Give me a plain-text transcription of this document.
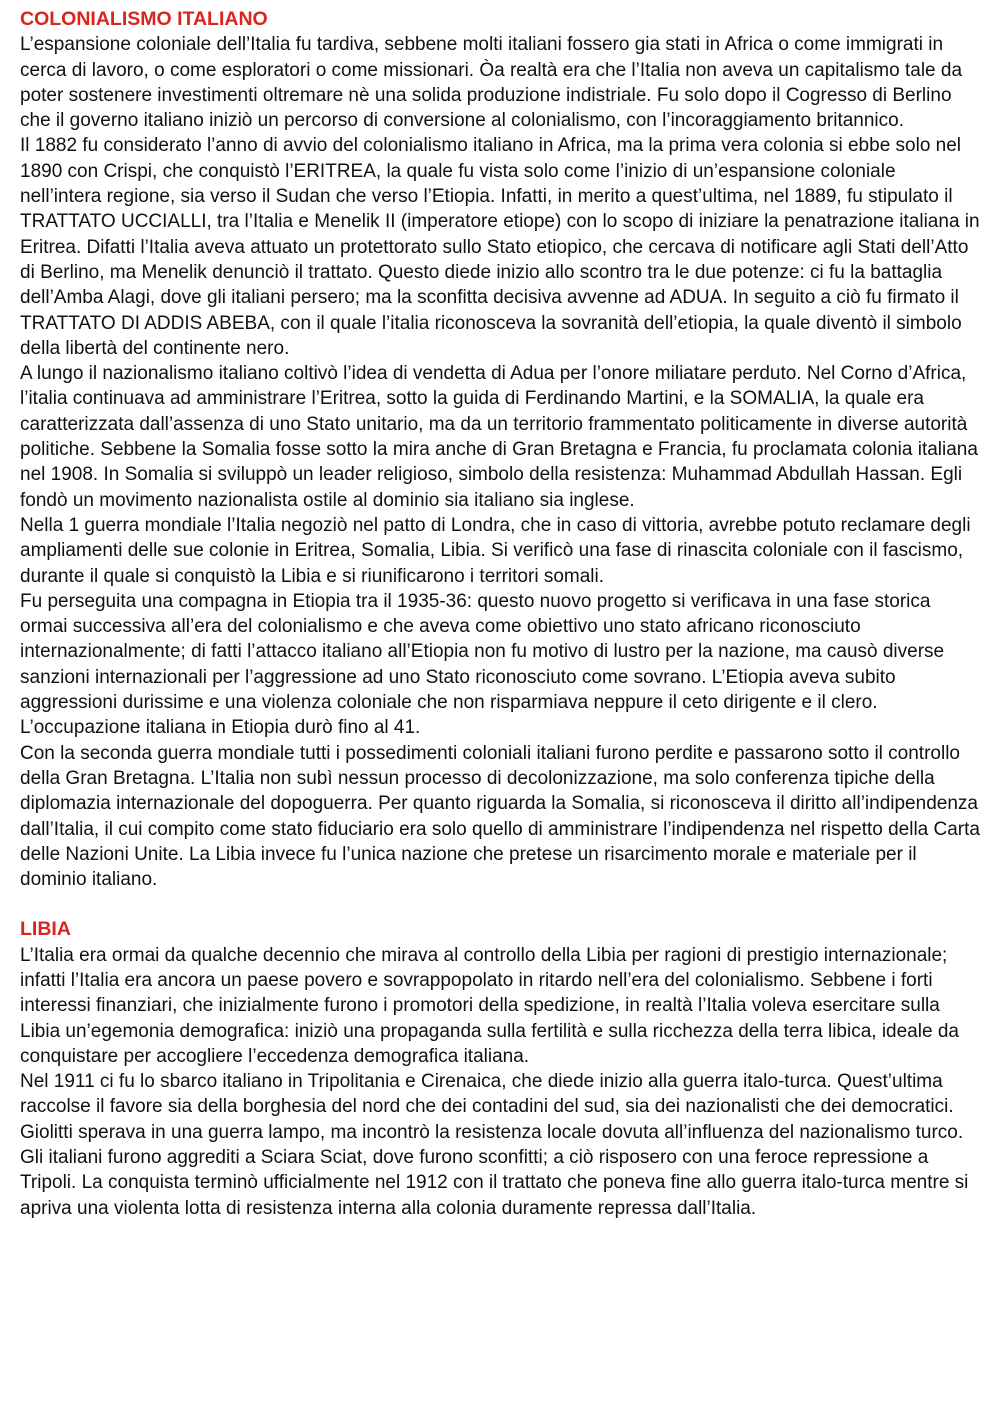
COLONIALISMO ITALIANO

L’espansione coloniale dell’Italia fu tardiva, sebbene molti italiani fossero gia stati in Africa o come immigrati in cerca di lavoro, o come esploratori o come missionari. Òa realtà era che l’Italia non aveva un capitalismo tale da poter sostenere investimenti oltremare nè una solida produzione indistriale. Fu solo dopo il Cogresso di Berlino che il governo italiano iniziò un percorso di conversione al colonialismo, con l’incoraggiamento britannico.

Il 1882 fu considerato l’anno di avvio del colonialismo italiano in Africa, ma la prima vera colonia si ebbe solo nel 1890 con Crispi, che conquistò l’ERITREA, la quale fu vista solo come l’inizio di un’espansione coloniale nell’intera regione, sia verso il Sudan che verso l’Etiopia. Infatti, in merito a quest’ultima, nel 1889, fu stipulato il TRATTATO UCCIALLI, tra l’Italia e Menelik II (imperatore etiope) con lo scopo di iniziare la penatrazione italiana in Eritrea. Difatti l’Italia aveva attuato un protettorato sullo Stato etiopico, che cercava di notificare agli Stati dell’Atto di Berlino, ma Menelik denunciò il trattato. Questo diede inizio allo scontro tra le due potenze: ci fu la battaglia dell’Amba Alagi, dove gli italiani persero; ma la sconfitta decisiva avvenne ad ADUA. In seguito a ciò fu firmato il TRATTATO DI ADDIS ABEBA, con il quale l’italia riconosceva la sovranità dell’etiopia, la quale diventò il simbolo della libertà del continente nero.

A lungo il nazionalismo italiano coltivò l’idea di vendetta di Adua per l’onore miliatare perduto. Nel Corno d’Africa, l’italia continuava ad amministrare l’Eritrea, sotto la guida di Ferdinando Martini, e la SOMALIA, la quale era caratterizzata dall’assenza di uno Stato unitario, ma da un territorio frammentato politicamente in diverse autorità politiche. Sebbene la Somalia fosse sotto la mira anche di Gran Bretagna e Francia, fu proclamata colonia italiana nel 1908. In Somalia si sviluppò un leader religioso, simbolo della resistenza: Muhammad Abdullah Hassan. Egli fondò un movimento nazionalista ostile al dominio sia italiano sia inglese.

Nella 1 guerra mondiale l’Italia negoziò nel patto di Londra, che in caso di vittoria, avrebbe potuto reclamare degli ampliamenti delle sue colonie in Eritrea, Somalia, Libia. Si verificò una fase di rinascita coloniale con il fascismo, durante il quale si conquistò la Libia e si riunificarono i territori somali.

Fu perseguita una compagna in Etiopia tra il 1935-36: questo nuovo progetto si verificava in una fase storica ormai successiva all’era del colonialismo e che aveva come obiettivo uno stato africano riconosciuto internazionalmente; di fatti l’attacco italiano all’Etiopia non fu motivo di lustro per la nazione, ma causò diverse sanzioni internazionali per l’aggressione ad uno Stato riconosciuto come sovrano. L’Etiopia aveva subito aggressioni durissime e una violenza coloniale che non risparmiava neppure il ceto dirigente e il clero. L’occupazione italiana in Etiopia durò fino al 41.

Con la seconda guerra mondiale tutti i possedimenti coloniali italiani furono perdite e passarono sotto il controllo della Gran Bretagna. L’Italia non subì nessun processo di decolonizzazione, ma solo conferenza tipiche della diplomazia internazionale del dopoguerra. Per quanto riguarda la Somalia, si riconosceva il diritto all’indipendenza dall’Italia, il cui compito come stato fiduciario era solo quello di amministrare l’indipendenza nel rispetto della Carta delle Nazioni Unite. La Libia invece fu l’unica nazione che pretese un risarcimento morale e materiale per il dominio italiano.

LIBIA

L’Italia era ormai da qualche decennio che mirava al controllo della Libia per ragioni di prestigio internazionale; infatti l’Italia era ancora un paese povero e sovrappopolato in ritardo nell’era del colonialismo. Sebbene i forti interessi finanziari, che inizialmente furono i promotori della spedizione, in realtà l’Italia voleva esercitare sulla Libia un’egemonia demografica: iniziò una propaganda sulla fertilità e sulla ricchezza della terra libica, ideale da conquistare per accogliere l’eccedenza demografica italiana.

Nel 1911 ci fu lo sbarco italiano in Tripolitania e Cirenaica, che diede inizio alla guerra italo-turca. Quest’ultima raccolse il favore sia della borghesia del nord che dei contadini del sud, sia dei nazionalisti che dei democratici. Giolitti sperava in una guerra lampo, ma incontrò la resistenza locale dovuta all’influenza del nazionalismo turco. Gli italiani furono aggrediti a Sciara Sciat, dove furono sconfitti; a ciò risposero con una feroce repressione a Tripoli. La conquista terminò ufficialmente nel 1912 con il trattato che poneva fine allo guerra italo-turca mentre si apriva una violenta lotta di resistenza interna alla colonia duramente repressa dall’Italia.
